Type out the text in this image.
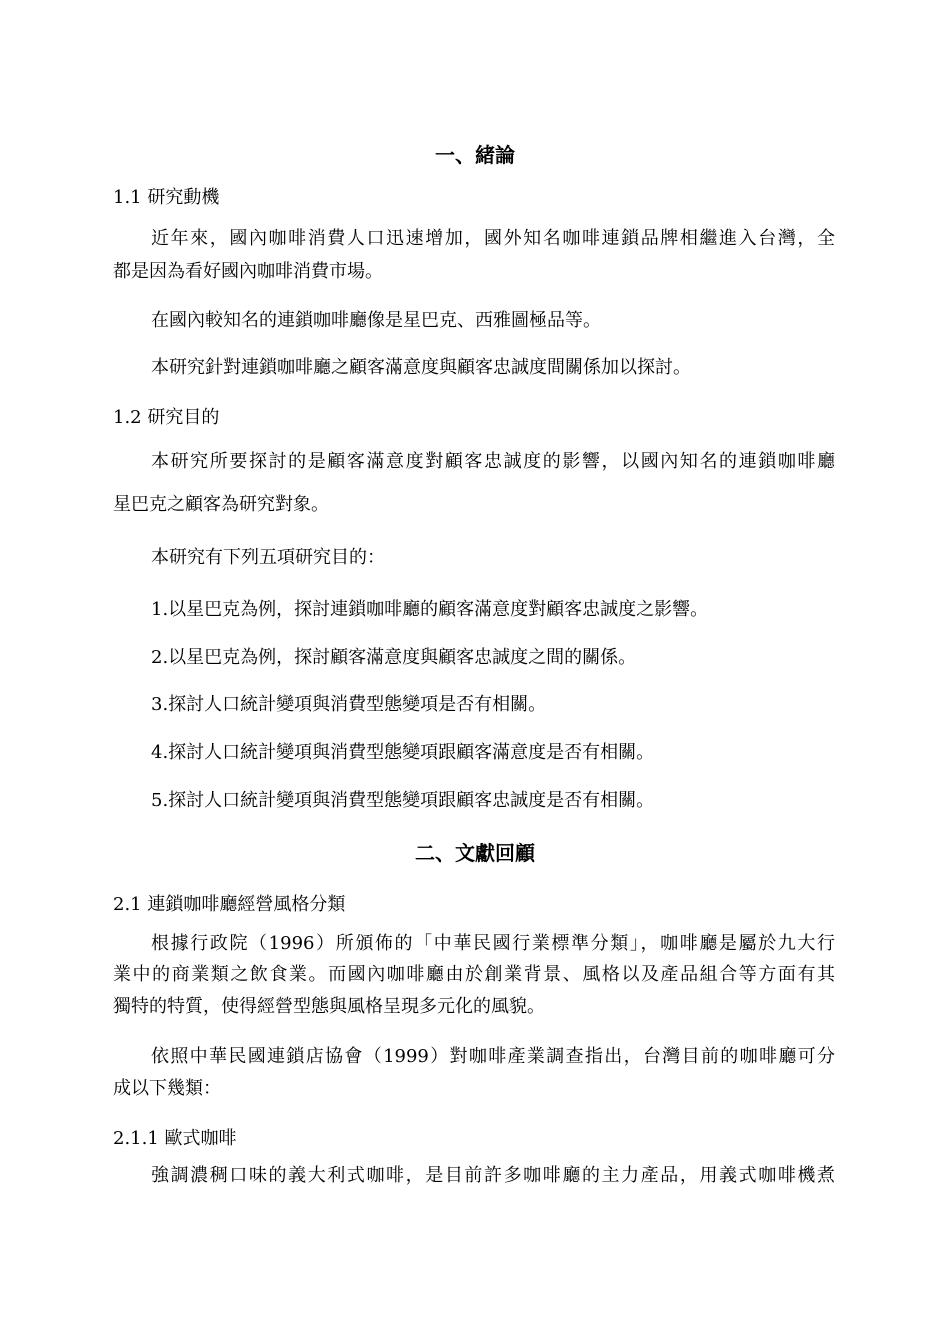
一、緒論

1.1 研究動機

近年來，國內咖啡消費人口迅速增加，國外知名咖啡連鎖品牌相繼進入台灣，全

都是因為看好國內咖啡消費市場。

在國內較知名的連鎖咖啡廳像是星巴克、西雅圖極品等。

本研究針對連鎖咖啡廳之顧客滿意度與顧客忠誠度間關係加以探討。

1.2 研究目的

本研究所要探討的是顧客滿意度對顧客忠誠度的影響，以國內知名的連鎖咖啡廳

星巴克之顧客為研究對象。

本研究有下列五項研究目的：

1.以星巴克為例，探討連鎖咖啡廳的顧客滿意度對顧客忠誠度之影響。

2.以星巴克為例，探討顧客滿意度與顧客忠誠度之間的關係。

3.探討人口統計變項與消費型態變項是否有相關。

4.探討人口統計變項與消費型態變項跟顧客滿意度是否有相關。

5.探討人口統計變項與消費型態變項跟顧客忠誠度是否有相關。

二、文獻回顧

2.1 連鎖咖啡廳經營風格分類

根據行政院（1996）所頒佈的「中華民國行業標準分類」，咖啡廳是屬於九大行

業中的商業類之飲食業。而國內咖啡廳由於創業背景、風格以及產品組合等方面有其

獨特的特質，使得經營型態與風格呈現多元化的風貌。

依照中華民國連鎖店協會（1999）對咖啡產業調查指出，台灣目前的咖啡廳可分

成以下幾類：

2.1.1 歐式咖啡

強調濃稠口味的義大利式咖啡，是目前許多咖啡廳的主力產品，用義式咖啡機煮
